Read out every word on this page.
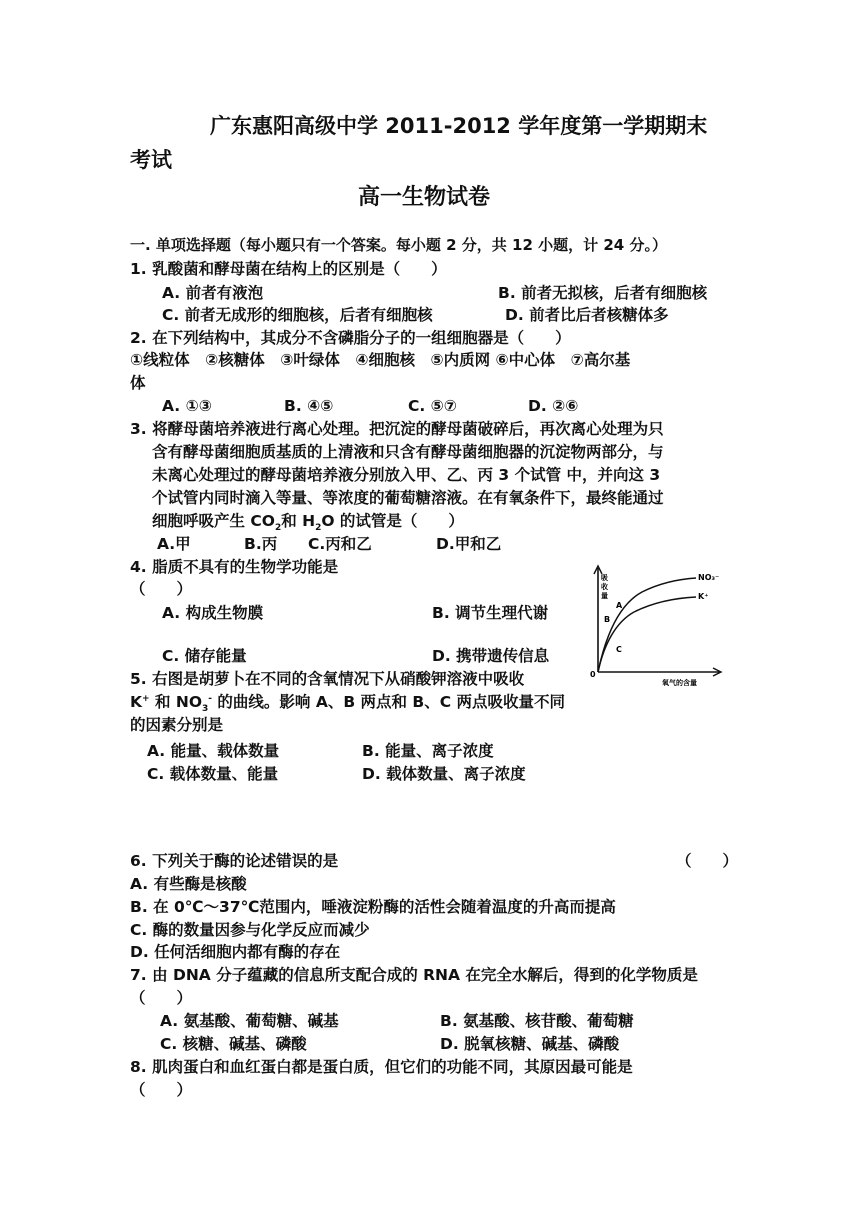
广东惠阳高级中学 2011-2012 学年度第一学期期末
考试
高一生物试卷
一. 单项选择题（每小题只有一个答案。每小题 2 分，共 12 小题，计 24 分。）
1. 乳酸菌和酵母菌在结构上的区别是（　　）
A. 前者有液泡	B. 前者无拟核，后者有细胞核
C. 前者无成形的细胞核，后者有细胞核	D. 前者比后者核糖体多
2. 在下列结构中，其成分不含磷脂分子的一组细胞器是（　　）
①线粒体　②核糖体　③叶绿体　④细胞核　⑤内质网 ⑥中心体　⑦高尔基
体
A. ①③	B. ④⑤	C. ⑤⑦	D. ②⑥
3. 将酵母菌培养液进行离心处理。把沉淀的酵母菌破碎后，再次离心处理为只
含有酵母菌细胞质基质的上清液和只含有酵母菌细胞器的沉淀物两部分，与
未离心处理过的酵母菌培养液分别放入甲、乙、丙 3 个试管 中，并向这 3
个试管内同时滴入等量、等浓度的葡萄糖溶液。在有氧条件下，最终能通过
细胞呼吸产生 $CO_2$和 $H_2O$ 的试管是（　　）
A.甲	B.丙 C.丙和乙	D.甲和乙
4. 脂质不具有的生物学功能是
（　　）
A. 构成生物膜	B. 调节生理代谢
C. 储存能量	D. 携带遗传信息
5. 右图是胡萝卜在不同的含氧情况下从硝酸钾溶液中吸收
K+ 和 $NO_3^-$ 的曲线。影响 A、B 两点和 B、C 两点吸收量不同
的因素分别是
A. 能量、载体数量	B. 能量、离子浓度
C. 载体数量、能量	D. 载体数量、离子浓度
吸收量
0
氧气的含量
NO₃⁻
K⁺
A
B
C
6. 下列关于酶的论述错误的是	（　　）
A. 有些酶是核酸
B. 在 0℃～37℃范围内，唾液淀粉酶的活性会随着温度的升高而提高
C. 酶的数量因参与化学反应而减少
D. 任何活细胞内都有酶的存在
7. 由 DNA 分子蕴藏的信息所支配合成的 RNA 在完全水解后，得到的化学物质是
（　　）
A. 氨基酸、葡萄糖、碱基	B. 氨基酸、核苷酸、葡萄糖
C. 核糖、碱基、磷酸	D. 脱氧核糖、碱基、磷酸
8. 肌肉蛋白和血红蛋白都是蛋白质，但它们的功能不同，其原因最可能是
（　　）
